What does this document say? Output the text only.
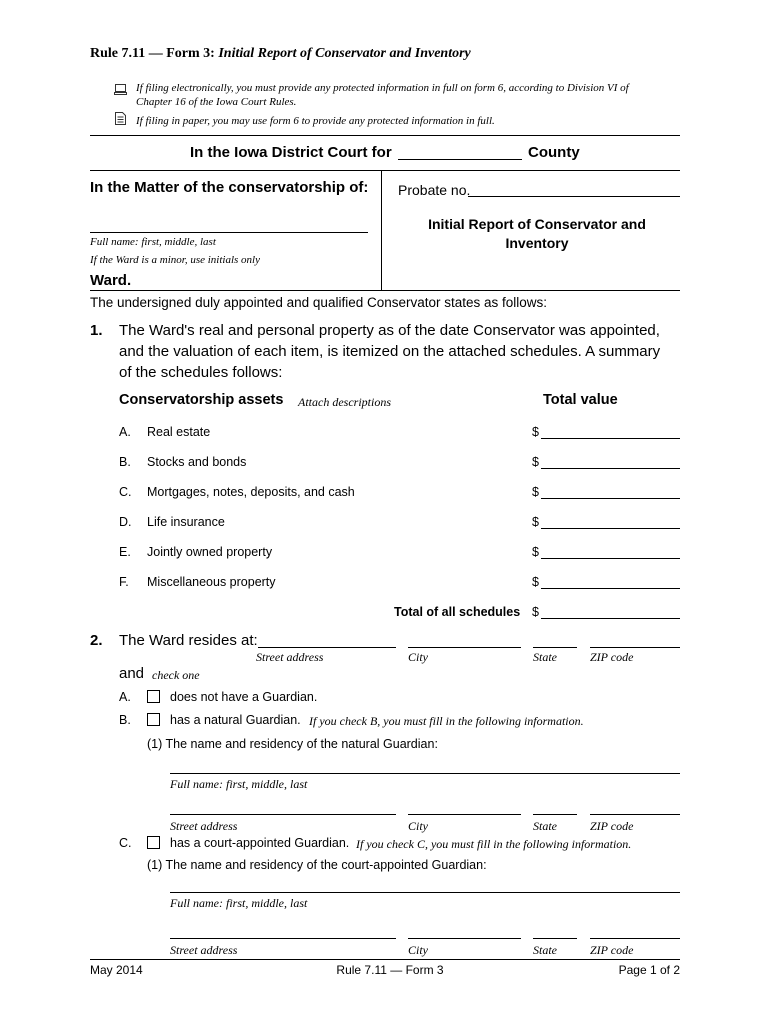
Rule 7.11 — Form 3: Initial Report of Conservator and Inventory
If filing electronically, you must provide any protected information in full on form 6, according to Division VI of
Chapter 16 of the Iowa Court Rules.
If filing in paper, you may use form 6 to provide any protected information in full.
In the Iowa District Court for	County
In the Matter of the conservatorship of:
Full name: first, middle, last
If the Ward is a minor, use initials only
Ward.
Probate no.
Initial Report of Conservator and
Inventory
The undersigned duly appointed and qualified Conservator states as follows:
1. The Ward's real and personal property as of the date Conservator was appointed,
and the valuation of each item, is itemized on the attached schedules. A summary
of the schedules follows:
Conservatorship assets Attach descriptions	Total value
A. Real estate	$
B. Stocks and bonds	$
C. Mortgages, notes, deposits, and cash	$
D. Life insurance	$
E. Jointly owned property	$
F. Miscellaneous property	$
Total of all schedules $
2. The Ward resides at:
Street address	City	State	ZIP code
and check one
A.	does not have a Guardian.
B.	has a natural Guardian. If you check B, you must fill in the following information.
(1) The name and residency of the natural Guardian:
Full name: first, middle, last
Street address	City	State	ZIP code
C.	has a court-appointed Guardian. If you check C, you must fill in the following information.
(1) The name and residency of the court-appointed Guardian:
Full name: first, middle, last
Street address	City	State	ZIP code
May 2014	Rule 7.11 — Form 3	Page 1 of 2
